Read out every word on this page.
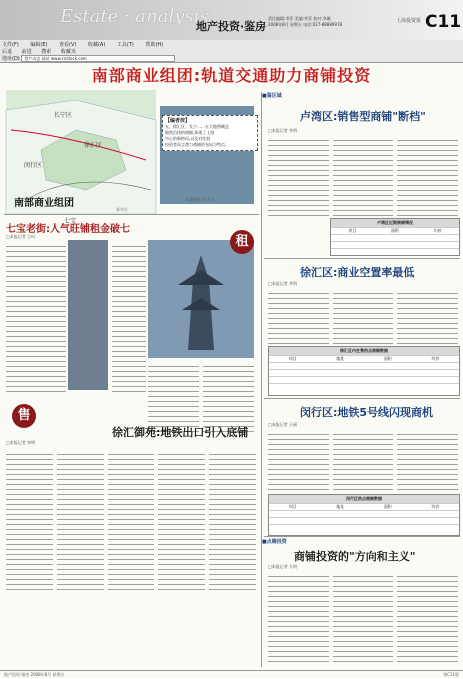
Estate · analysis
地产投资·鉴房
责任编辑:李菲 美编:李菲 校对:李珊
2008年8月 星期五 电话:027-88889978
上海投资报 C11
文件(F) 编辑(E) 查看(V) 收藏(A) 工具(T) 帮助(H)
后退 前进 搜索 收藏夹
地址(D) 房产动态 网站 www.cnstock.com
南部商业组团:轨道交通助力商铺投资
长宁区
徐汇区
闵行区
七宝
南部商业组团
新华社
【编者按】
五、徐汇区、长宁……五大地带概念
地铁沿线的商铺,体现了上海
中心的新格局,以及对比较
投资者而言潜力商铺的布局与特点。
本版制图 张大丰
■鉴区域
卢湾区:销售型商铺"断档"
□本报记者 李明
卢湾区近期商铺情况
项目	面积	均价
徐汇区:商业空置率最低
□本报记者 李明
徐汇区内在售热点商铺数据
项目	地址	面积	均价
闵行区:地铁5号线闪现商机
□本报记者 王丽
闵行区热点商铺数据
项目	地址	面积	均价
七宝老街:人气旺铺租金破七
□本报记者 王珂	租
售
徐汇御苑:地铁出口引入底铺
□本报记者 李明
■点睛投资
商铺投资的"方向和主义"
□本报记者 方明
地产投资·鉴房 2008年8月 星期五	第C11版
